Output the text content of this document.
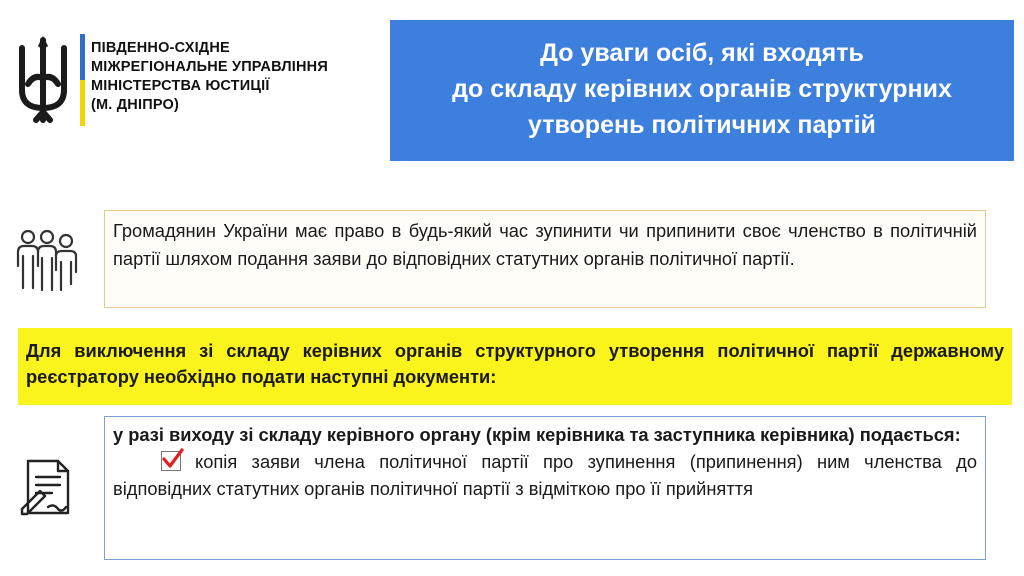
ПІВДЕННО-СХІДНЕ
МІЖРЕГІОНАЛЬНЕ УПРАВЛІННЯ
МІНІСТЕРСТВА ЮСТИЦІЇ
(М. ДНІПРО)

До уваги осіб, які входять
до складу керівних органів структурних
утворень політичних партій
Громадянин України має право в будь-який час зупинити чи припинити своє членство в політичній партії шляхом подання заяви до відповідних статутних органів політичної партії.
Для виключення зі складу керівних органів структурного утворення політичної партії державному реєстратору необхідно подати наступні документи:

у разі виходу зі складу керівного органу (крім керівника та заступника керівника) подається:

копія заяви члена політичної партії про зупинення (припинення) ним членства до відповідних статутних органів політичної партії з відміткою про її прийняття
